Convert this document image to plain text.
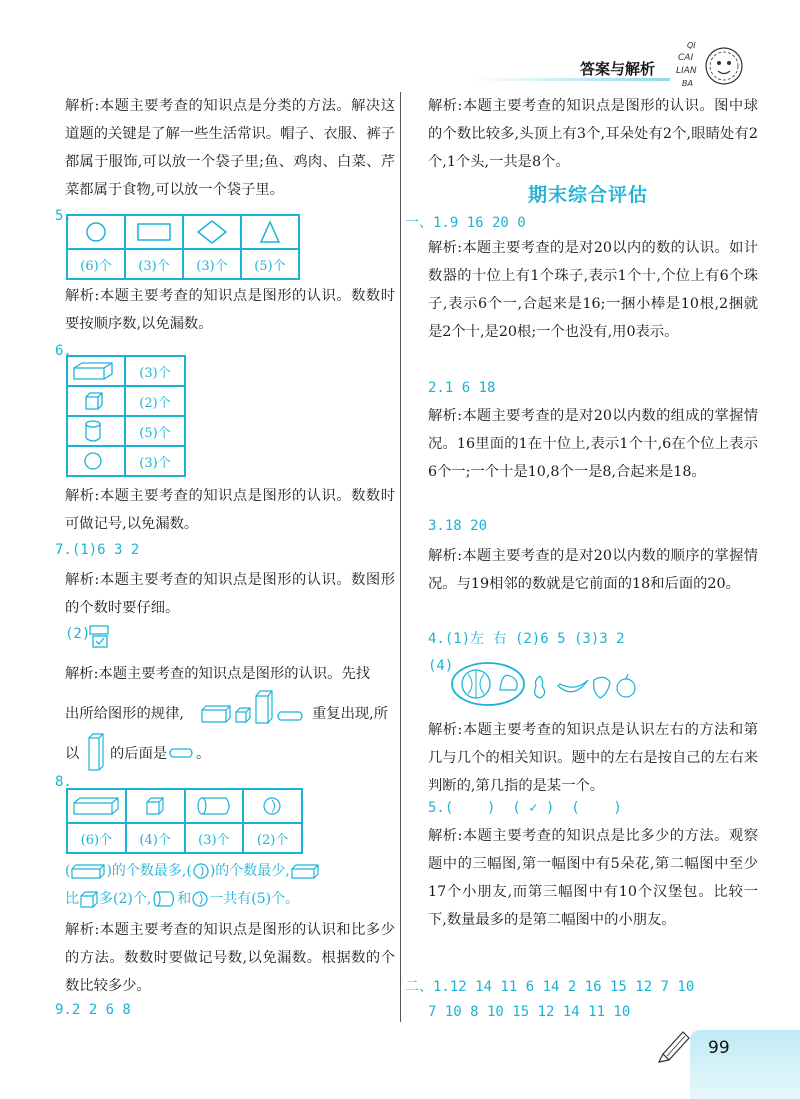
答案与解析
QI
CAI
LIAN
BA
解析:本题主要考查的知识点是分类的方法。解决这道题的关键是了解一些生活常识。帽子、衣服、裤子都属于服饰,可以放一个袋子里;鱼、鸡肉、白菜、芹菜都属于食物,可以放一个袋子里。
5.

(6)个	(3)个	(3)个	(5)个
解析:本题主要考查的知识点是图形的认识。数数时要按顺序数,以免漏数。
6.
	(3)个

	(2)个

	(5)个

	(3)个
解析:本题主要考查的知识点是图形的认识。数数时可做记号,以免漏数。
7.(1)6 3 2
解析:本题主要考查的知识点是图形的认识。数图形的个数时要仔细。
(2)
解析:本题主要考查的知识点是图形的认识。先找
出所给图形的规律,	重复出现,所
以	的后面是	。
8.

(6)个	(4)个	(3)个	(2)个
(	)的个数最多,( )的个数最少,
比 多(2)个, 和 一共有(5)个。
解析:本题主要考查的知识点是图形的认识和比多少的方法。数数时要做记号数,以免漏数。根据数的个数比较多少。
9.2 2 6 8
解析:本题主要考查的知识点是图形的认识。图中球的个数比较多,头顶上有3个,耳朵处有2个,眼睛处有2个,1个头,一共是8个。
期末综合评估
一、1.9 16 20 0
解析:本题主要考查的是对20以内的数的认识。如计数器的十位上有1个珠子,表示1个十,个位上有6个珠子,表示6个一,合起来是16;一捆小棒是10根,2捆就是2个十,是20根;一个也没有,用0表示。
2.1 6 18
解析:本题主要考查的是对20以内数的组成的掌握情况。16里面的1在十位上,表示1个十,6在个位上表示6个一;一个十是10,8个一是8,合起来是18。
3.18 20
解析:本题主要考查的是对20以内数的顺序的掌握情况。与19相邻的数就是它前面的18和后面的20。
4.(1)左 右 (2)6 5 (3)3 2
(4)
解析:本题主要考查的知识点是认识左右的方法和第几与几个的相关知识。题中的左右是按自己的左右来判断的,第几指的是某一个。
5.(    )  ( ✓ )  (    )
解析:本题主要考查的知识点是比多少的方法。观察题中的三幅图,第一幅图中有5朵花,第二幅图中至少17个小朋友,而第三幅图中有10个汉堡包。比较一下,数量最多的是第二幅图中的小朋友。
二、1.12 14 11 6 14 2 16 15 12 7 10
7 10 8 10 15 12 14 11 10
99
